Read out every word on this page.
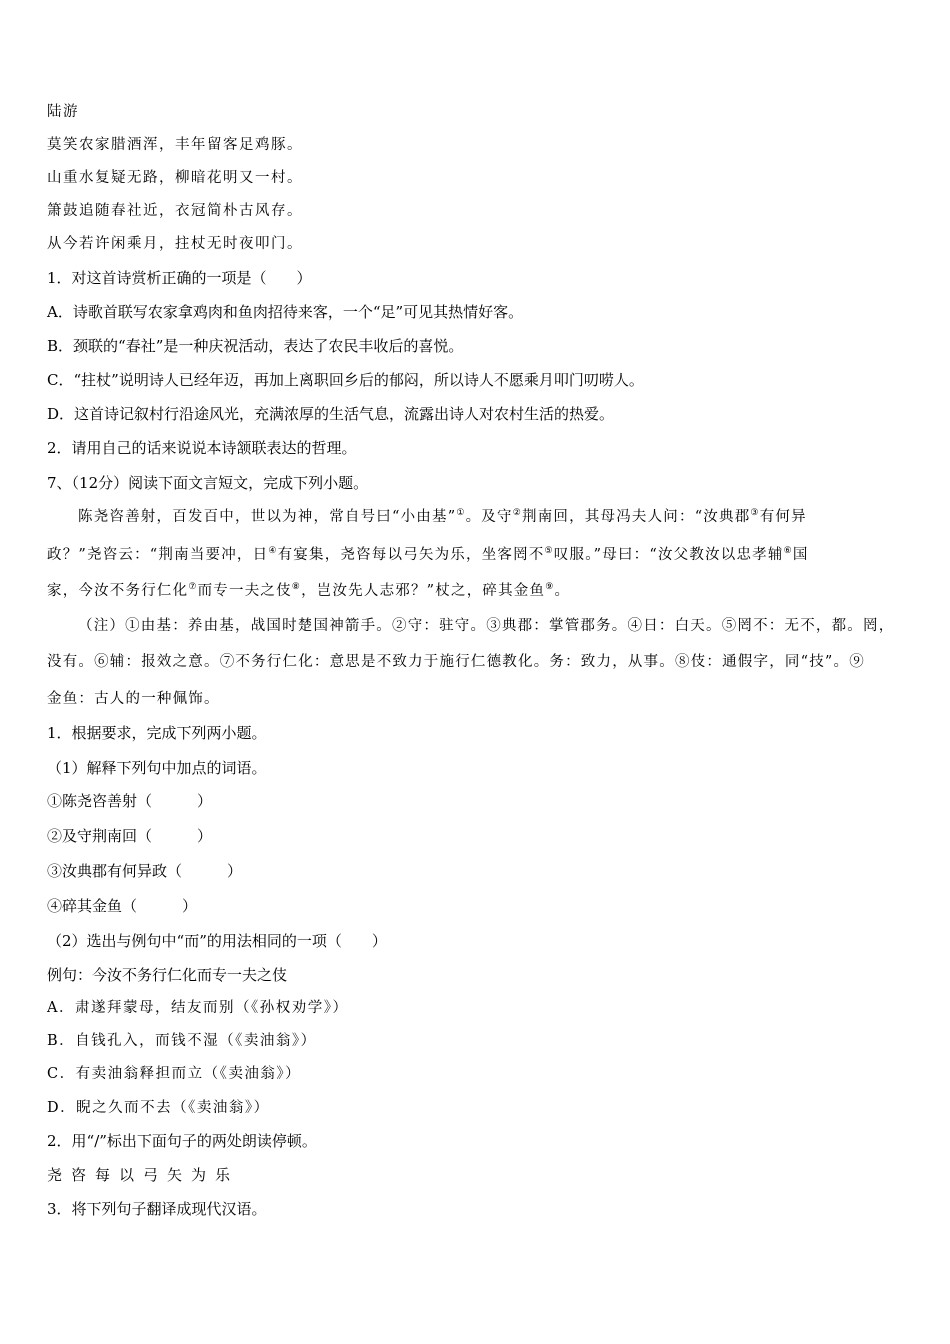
陆游
莫笑农家腊酒浑，丰年留客足鸡豚。
山重水复疑无路，柳暗花明又一村。
箫鼓追随春社近，衣冠简朴古风存。
从今若许闲乘月，拄杖无时夜叩门。
1．对这首诗赏析正确的一项是（　　）
A．诗歌首联写农家拿鸡肉和鱼肉招待来客，一个“足”可见其热情好客。
B．颈联的“春社”是一种庆祝活动，表达了农民丰收后的喜悦。
C．“拄杖”说明诗人已经年迈，再加上离职回乡后的郁闷，所以诗人不愿乘月叩门叨唠人。
D．这首诗记叙村行沿途风光，充满浓厚的生活气息，流露出诗人对农村生活的热爱。
2．请用自己的话来说说本诗颔联表达的哲理。
7、（12分）阅读下面文言短文，完成下列小题。
陈尧咨善射，百发百中，世以为神，常自号曰“小由基”①。及守②荆南回，其母冯夫人问：“汝典郡③有何异
政？”尧咨云：“荆南当要冲，日④有宴集，尧咨每以弓矢为乐，坐客罔不⑤叹服。”母曰：“汝父教汝以忠孝辅⑥国
家，今汝不务行仁化⑦而专一夫之伎⑧，岂汝先人志邪？”杖之，碎其金鱼⑨。
（注）①由基：养由基，战国时楚国神箭手。②守：驻守。③典郡：掌管郡务。④日：白天。⑤罔不：无不，都。罔，
没有。⑥辅：报效之意。⑦不务行仁化：意思是不致力于施行仁德教化。务：致力，从事。⑧伎：通假字，同“技”。⑨
金鱼：古人的一种佩饰。
1．根据要求，完成下列两小题。
（1）解释下列句中加点的词语。
①陈尧咨善射（　　　）
②及守荆南回（　　　）
③汝典郡有何异政（　　　）
④碎其金鱼（　　　）
（2）选出与例句中“而”的用法相同的一项（　　）
例句：今汝不务行仁化而专一夫之伎
A．肃遂拜蒙母，结友而别（《孙权劝学》）
B．自钱孔入，而钱不湿（《卖油翁》）
C．有卖油翁释担而立（《卖油翁》）
D．睨之久而不去（《卖油翁》）
2．用“/”标出下面句子的两处朗读停顿。
尧咨每以弓矢为乐
3．将下列句子翻译成现代汉语。
